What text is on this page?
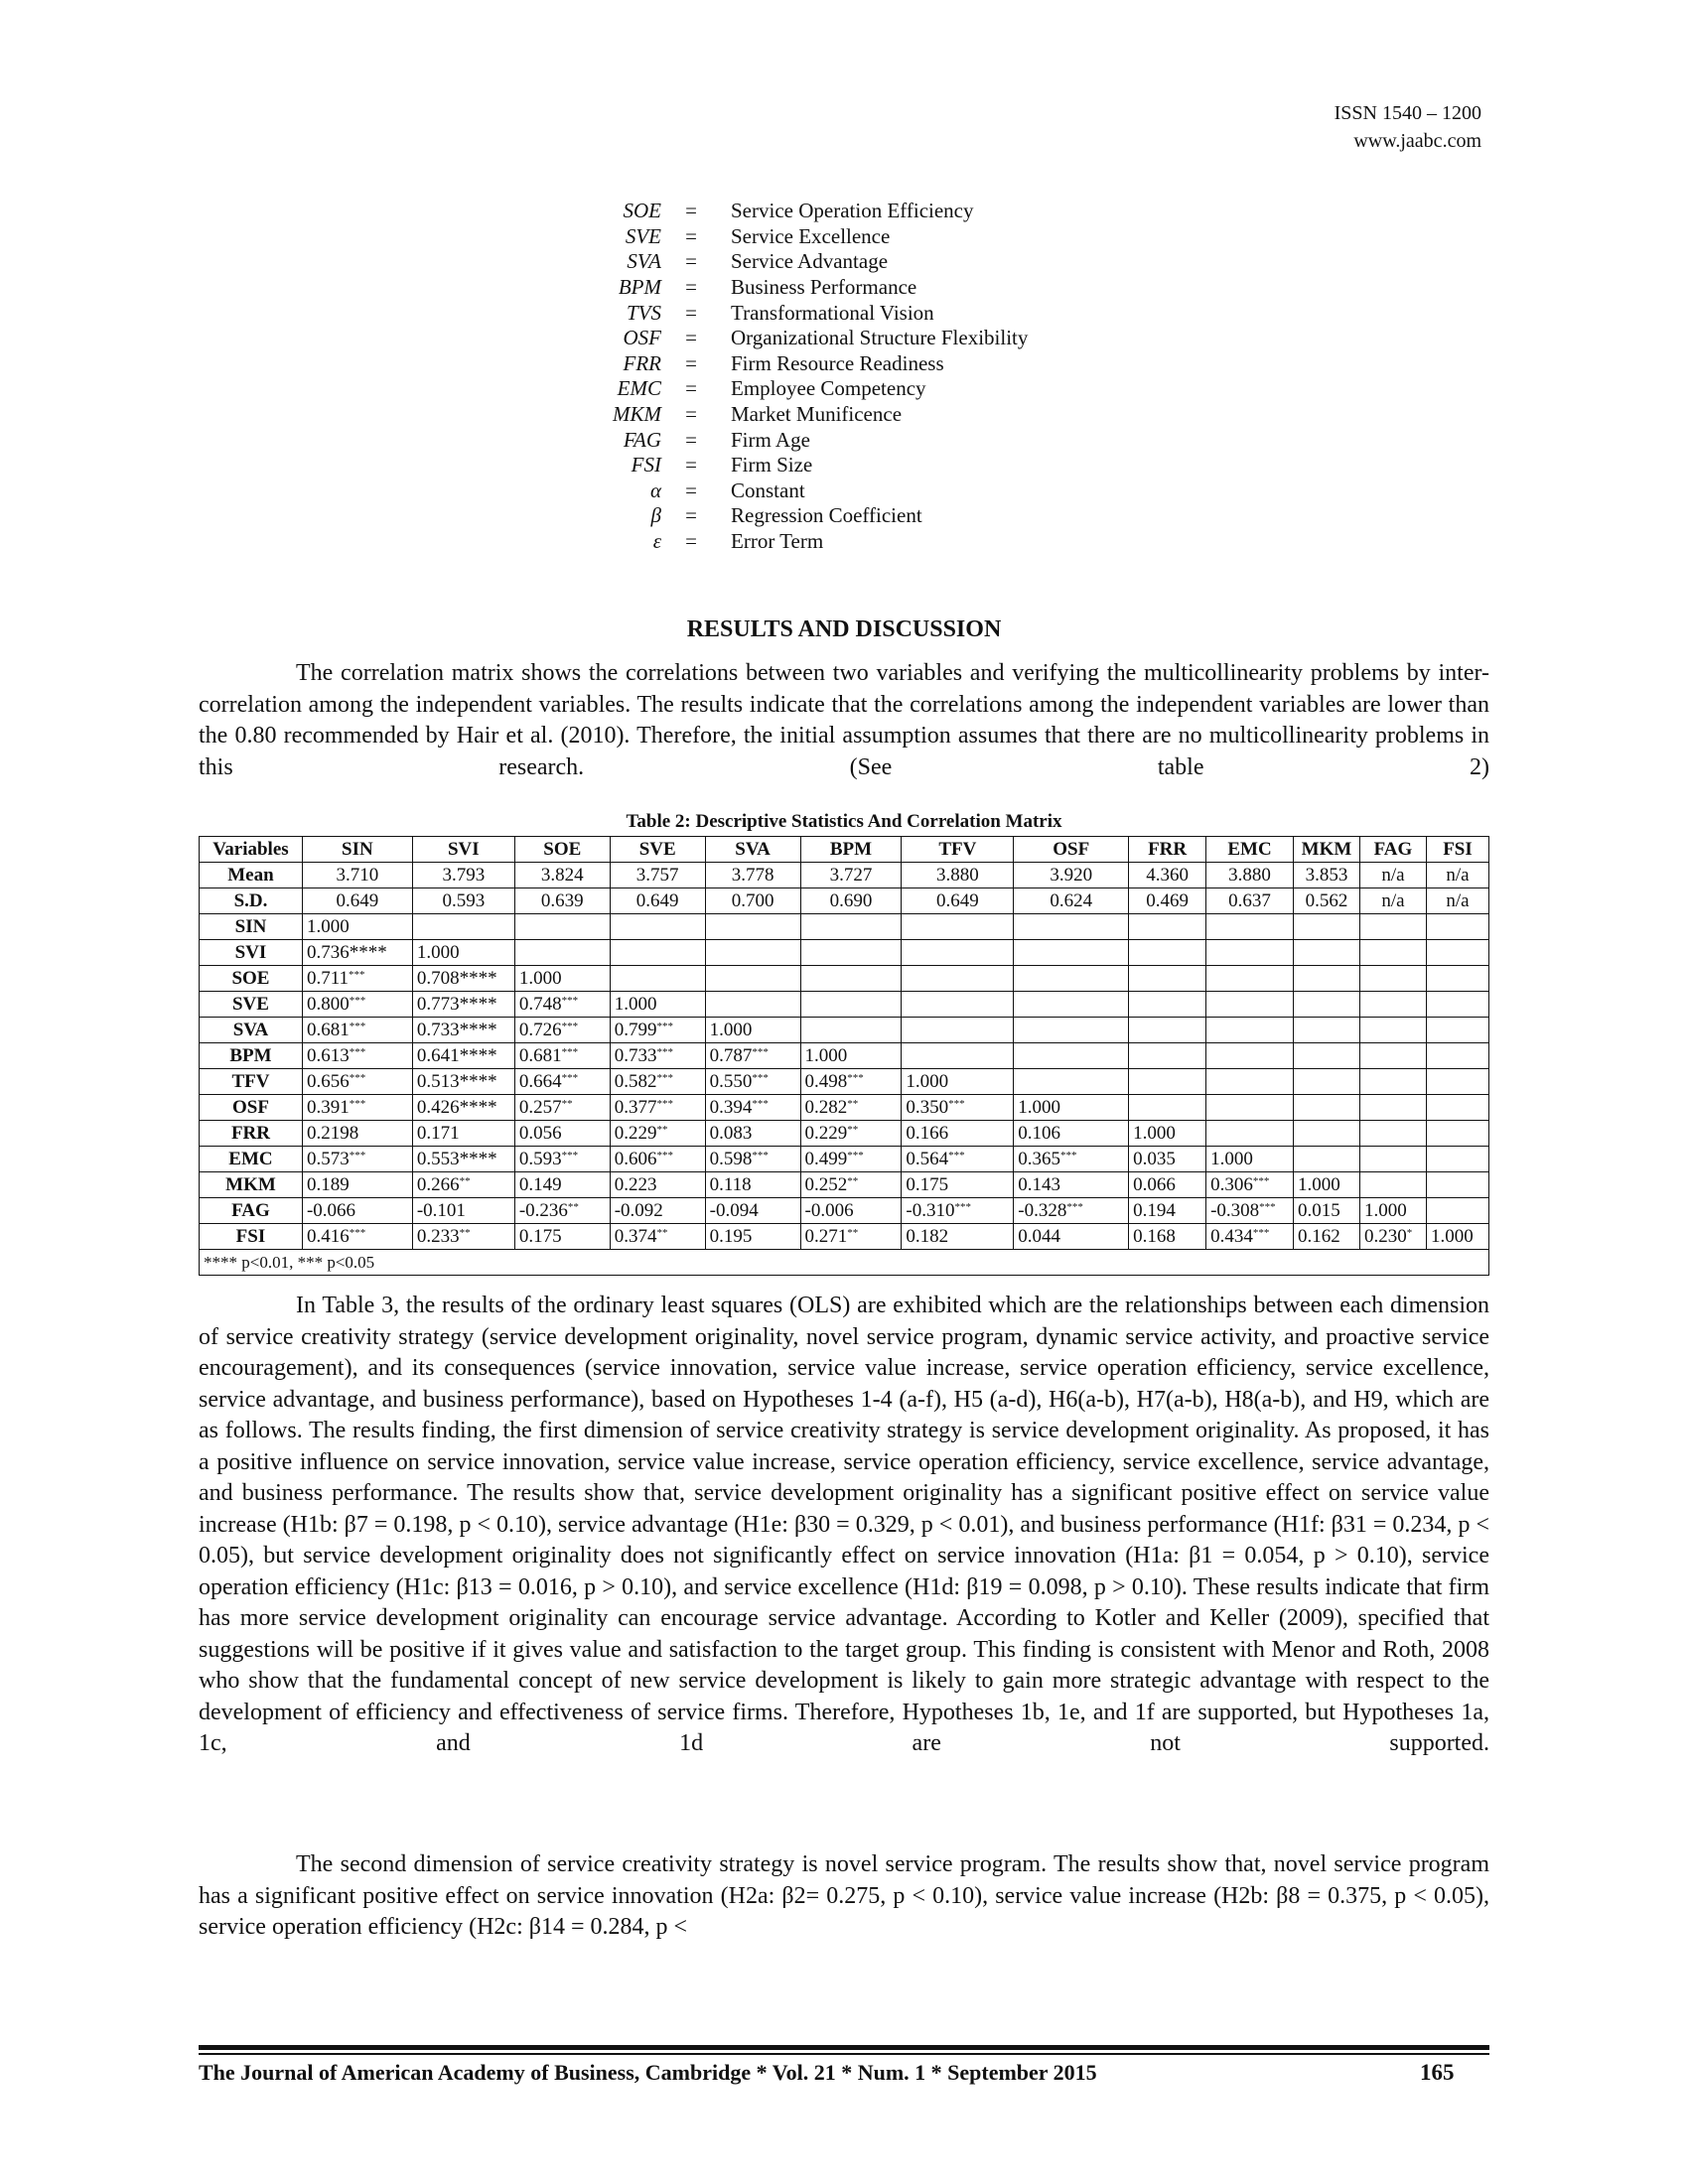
ISSN 1540 – 1200
www.jaabc.com
SOE	=	Service Operation Efficiency
SVE	=	Service Excellence
SVA	=	Service Advantage
BPM	=	Business Performance
TVS	=	Transformational Vision
OSF	=	Organizational Structure Flexibility
FRR	=	Firm Resource Readiness
EMC	=	Employee Competency
MKM	=	Market Munificence
FAG	=	Firm Age
FSI	=	Firm Size
α	=	Constant
β	=	Regression Coefficient
ε	=	Error Term
RESULTS AND DISCUSSION

The correlation matrix shows the correlations between two variables and verifying the multicollinearity problems by inter-correlation among the independent variables. The results indicate that the correlations among the independent variables are lower than the 0.80 recommended by Hair et al. (2010). Therefore, the initial assumption assumes that there are no multicollinearity problems in this research. (See table 2)

Table 2: Descriptive Statistics And Correlation Matrix
Variables	SIN	SVI	SOE	SVE	SVA	BPM	TFV	OSF	FRR	EMC	MKM	FAG	FSI
Mean	3.710	3.793	3.824	3.757	3.778	3.727	3.880	3.920	4.360	3.880	3.853	n/a	n/a
S.D.	0.649	0.593	0.639	0.649	0.700	0.690	0.649	0.624	0.469	0.637	0.562	n/a	n/a
SIN	1.000												
SVI	0.736****	1.000											
SOE	0.711***	0.708****	1.000										
SVE	0.800***	0.773****	0.748***	1.000									
SVA	0.681***	0.733****	0.726***	0.799***	1.000								
BPM	0.613***	0.641****	0.681***	0.733***	0.787***	1.000							
TFV	0.656***	0.513****	0.664***	0.582***	0.550***	0.498***	1.000						
OSF	0.391***	0.426****	0.257**	0.377***	0.394***	0.282**	0.350***	1.000					
FRR	0.2198	0.171	0.056	0.229**	0.083	0.229**	0.166	0.106	1.000				
EMC	0.573***	0.553****	0.593***	0.606***	0.598***	0.499***	0.564***	0.365***	0.035	1.000			
MKM	0.189	0.266**	0.149	0.223	0.118	0.252**	0.175	0.143	0.066	0.306***	1.000		
FAG	-0.066	-0.101	-0.236**	-0.092	-0.094	-0.006	-0.310***	-0.328***	0.194	-0.308***	0.015	1.000	
FSI	0.416***	0.233**	0.175	0.374**	0.195	0.271**	0.182	0.044	0.168	0.434***	0.162	0.230*	1.000
**** p<0.01, *** p<0.05													

In Table 3, the results of the ordinary least squares (OLS) are exhibited which are the relationships between each dimension of service creativity strategy (service development originality, novel service program, dynamic service activity, and proactive service encouragement), and its consequences (service innovation, service value increase, service operation efficiency, service excellence, service advantage, and business performance), based on Hypotheses 1-4 (a-f), H5 (a-d), H6(a-b), H7(a-b), H8(a-b), and H9, which are as follows. The results finding, the first dimension of service creativity strategy is service development originality. As proposed, it has a positive influence on service innovation, service value increase, service operation efficiency, service excellence, service advantage, and business performance. The results show that, service development originality has a significant positive effect on service value increase (H1b: β7 = 0.198, p < 0.10), service advantage (H1e: β30 = 0.329, p < 0.01), and business performance (H1f: β31 = 0.234, p < 0.05), but service development originality does not significantly effect on service innovation (H1a: β1 = 0.054, p > 0.10), service operation efficiency (H1c: β13 = 0.016, p > 0.10), and service excellence (H1d: β19 = 0.098, p > 0.10). These results indicate that firm has more service development originality can encourage service advantage. According to Kotler and Keller (2009), specified that suggestions will be positive if it gives value and satisfaction to the target group. This finding is consistent with Menor and Roth, 2008 who show that the fundamental concept of new service development is likely to gain more strategic advantage with respect to the development of efficiency and effectiveness of service firms. Therefore, Hypotheses 1b, 1e, and 1f are supported, but Hypotheses 1a, 1c, and 1d are not supported.

The second dimension of service creativity strategy is novel service program. The results show that, novel service program has a significant positive effect on service innovation (H2a: β2= 0.275, p < 0.10), service value increase (H2b: β8 = 0.375, p < 0.05), service operation efficiency (H2c: β14 = 0.284, p <

The Journal of American Academy of Business, Cambridge * Vol. 21 * Num. 1 * September 2015	165
